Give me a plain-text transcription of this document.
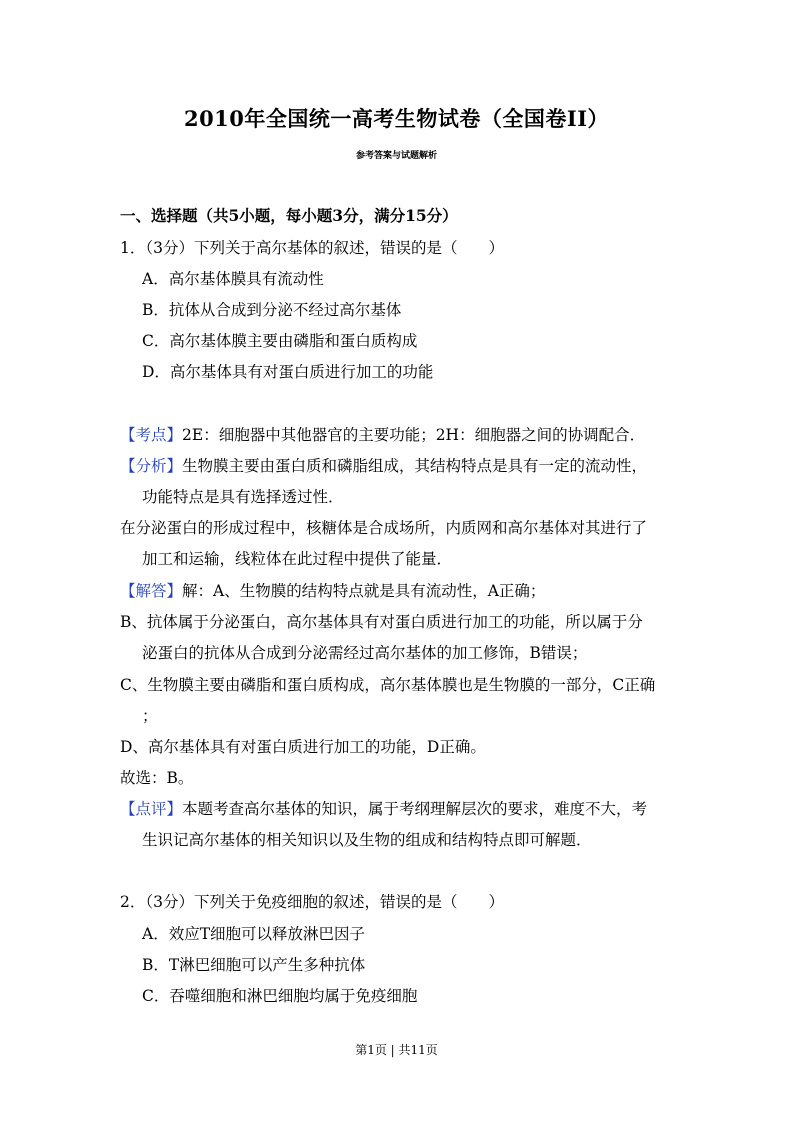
2010年全国统一高考生物试卷（全国卷II）
参考答案与试题解析
一、选择题（共5小题，每小题3分，满分15分）
1．（3分）下列关于高尔基体的叙述，错误的是（　　）
A．高尔基体膜具有流动性
B．抗体从合成到分泌不经过高尔基体
C．高尔基体膜主要由磷脂和蛋白质构成
D．高尔基体具有对蛋白质进行加工的功能
【考点】2E：细胞器中其他器官的主要功能；2H：细胞器之间的协调配合．
【分析】生物膜主要由蛋白质和磷脂组成，其结构特点是具有一定的流动性，
功能特点是具有选择透过性．
在分泌蛋白的形成过程中，核糖体是合成场所，内质网和高尔基体对其进行了
加工和运输，线粒体在此过程中提供了能量．
【解答】解：A、生物膜的结构特点就是具有流动性，A正确；
B、抗体属于分泌蛋白，高尔基体具有对蛋白质进行加工的功能，所以属于分
泌蛋白的抗体从合成到分泌需经过高尔基体的加工修饰，B错误；
C、生物膜主要由磷脂和蛋白质构成，高尔基体膜也是生物膜的一部分，C正确
；
D、高尔基体具有对蛋白质进行加工的功能，D正确。
故选：B。
【点评】本题考查高尔基体的知识，属于考纲理解层次的要求，难度不大，考
生识记高尔基体的相关知识以及生物的组成和结构特点即可解题．
2．（3分）下列关于免疫细胞的叙述，错误的是（　　）
A．效应T细胞可以释放淋巴因子
B．T淋巴细胞可以产生多种抗体
C．吞噬细胞和淋巴细胞均属于免疫细胞
第1页 | 共11页
